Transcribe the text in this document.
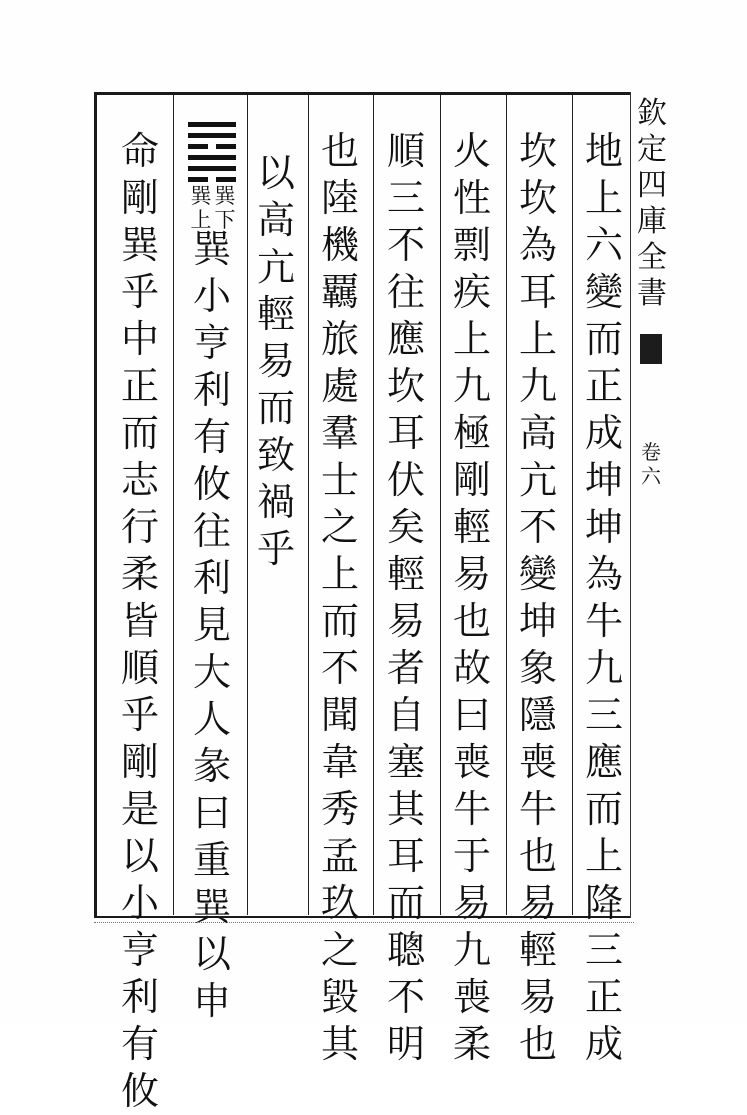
欽
定
四
庫
全
書
卷
六
地
上
六
變
而
正
成
坤
坤
為
牛
九
三
應
而
上
降
三
正
成
坎
坎
為
耳
上
九
高
亢
不
變
坤
象
隱
喪
牛
也
易
輕
易
也
火
性
剽
疾
上
九
極
剛
輕
易
也
故
曰
喪
牛
于
易
九
喪
柔
順
三
不
往
應
坎
耳
伏
矣
輕
易
者
自
塞
其
耳
而
聰
不
明
也
陸
機
覊
旅
處
羣
士
之
上
而
不
聞
韋
秀
孟
玖
之
毀
其
以
高
亢
輕
易
而
致
禍
乎
巽
小
亨
利
有
攸
往
利
見
大
人
彖
曰
重
巽
以
申
命
剛
巽
乎
中
正
而
志
行
柔
皆
順
乎
剛
是
以
小
亨
利
有
攸
巽
下
巽
上
